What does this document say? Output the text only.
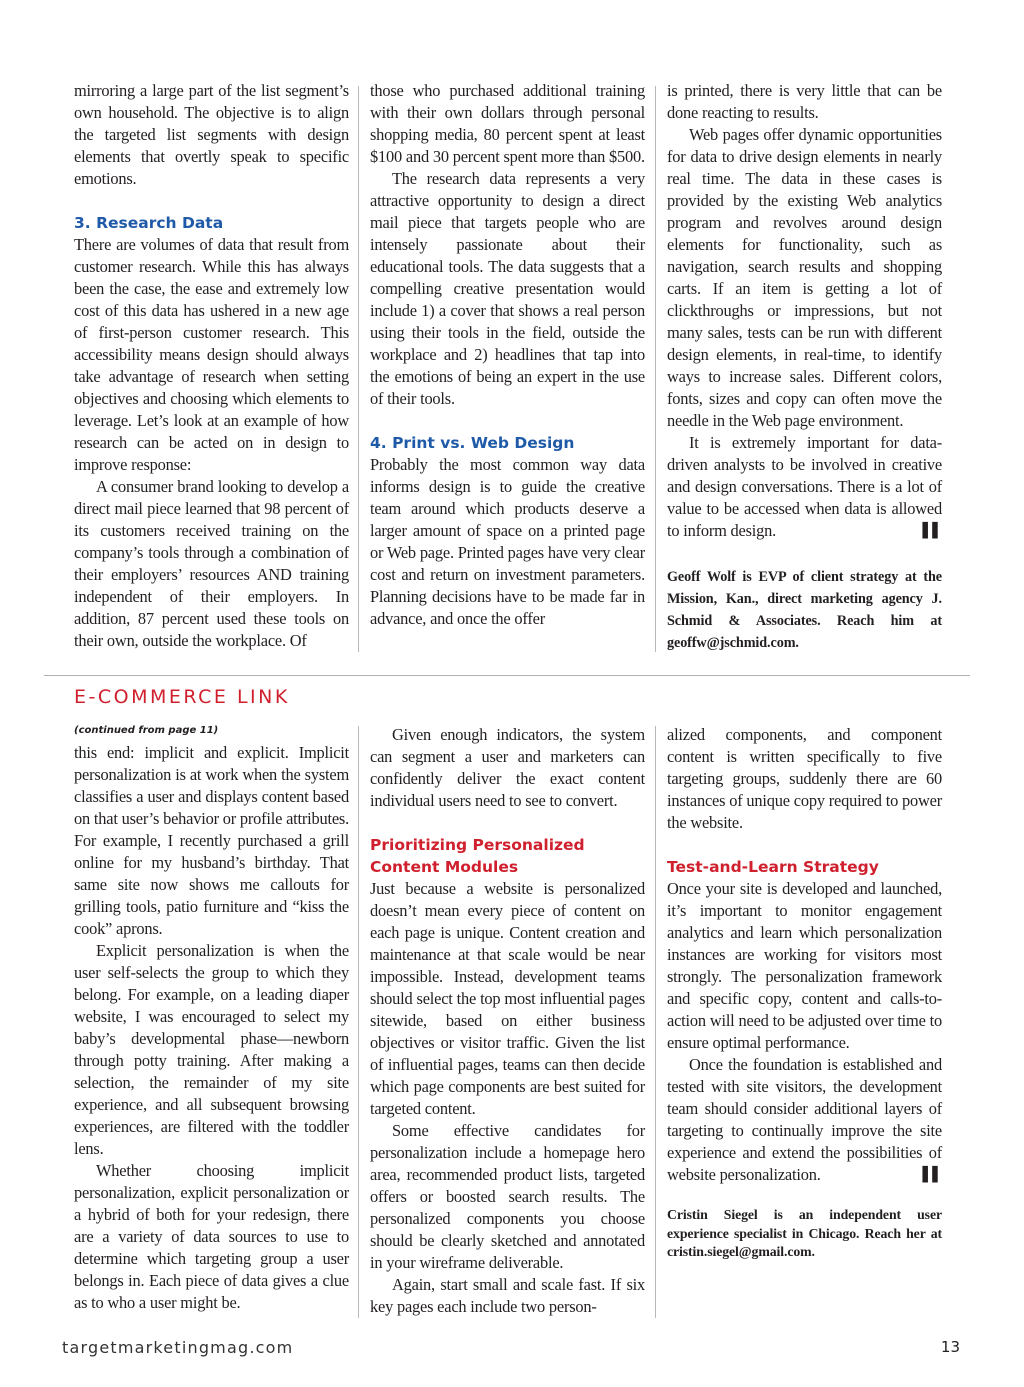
mirroring a large part of the list segment’s own household. The objective is to align the targeted list segments with design elements that overtly speak to specific emotions.

3. Research Data

There are volumes of data that result from customer research. While this has always been the case, the ease and extremely low cost of this data has ushered in a new age of first-person customer research. This accessibility means design should always take advantage of research when setting objectives and choosing which elements to leverage. Let’s look at an example of how research can be acted on in design to improve response:

A consumer brand looking to develop a direct mail piece learned that 98 percent of its customers received training on the company’s tools through a combination of their employers’ resources AND training independent of their employers. In addition, 87 percent used these tools on their own, outside the workplace. Of

those who purchased additional training with their own dollars through personal shopping media, 80 percent spent at least $100 and 30 percent spent more than $500.

The research data represents a very attractive opportunity to design a direct mail piece that targets people who are intensely passionate about their educational tools. The data suggests that a compelling creative presentation would include 1) a cover that shows a real person using their tools in the field, outside the workplace and 2) headlines that tap into the emotions of being an expert in the use of their tools.

4. Print vs. Web Design

Probably the most common way data informs design is to guide the creative team around which products deserve a larger amount of space on a printed page or Web page. Printed pages have very clear cost and return on investment parameters. Planning decisions have to be made far in advance, and once the offer

is printed, there is very little that can be done reacting to results.

Web pages offer dynamic opportunities for data to drive design elements in nearly real time. The data in these cases is provided by the existing Web analytics program and revolves around design elements for functionality, such as navigation, search results and shopping carts. If an item is getting a lot of clickthroughs or impressions, but not many sales, tests can be run with different design elements, in real-time, to identify ways to increase sales. Different colors, fonts, sizes and copy can often move the needle in the Web page environment.

It is extremely important for data-driven analysts to be involved in creative and design conversations. There is a lot of value to be accessed when data is allowed to inform design.	▌▌

Geoff Wolf is EVP of client strategy at the Mission, Kan., direct marketing agency J. Schmid & Associates. Reach him at geoffw@jschmid.com.

E-COMMERCE LINK

(continued from page 11)

this end: implicit and explicit. Implicit personalization is at work when the system classifies a user and displays content based on that user’s behavior or profile attributes. For example, I recently purchased a grill online for my husband’s birthday. That same site now shows me callouts for grilling tools, patio furniture and “kiss the cook” aprons.

Explicit personalization is when the user self-selects the group to which they belong. For example, on a leading diaper website, I was encouraged to select my baby’s developmental phase—newborn through potty training. After making a selection, the remainder of my site experience, and all subsequent browsing experiences, are filtered with the toddler lens.

Whether choosing implicit personalization, explicit personalization or a hybrid of both for your redesign, there are a variety of data sources to use to determine which targeting group a user belongs in. Each piece of data gives a clue as to who a user might be.

Given enough indicators, the system can segment a user and marketers can confidently deliver the exact content individual users need to see to convert.

Prioritizing Personalized Content Modules

Just because a website is personalized doesn’t mean every piece of content on each page is unique. Content creation and maintenance at that scale would be near impossible. Instead, development teams should select the top most influential pages sitewide, based on either business objectives or visitor traffic. Given the list of influential pages, teams can then decide which page components are best suited for targeted content.

Some effective candidates for personalization include a homepage hero area, recommended product lists, targeted offers or boosted search results. The personalized components you choose should be clearly sketched and annotated in your wireframe deliverable.

Again, start small and scale fast. If six key pages each include two person-

alized components, and component content is written specifically to five targeting groups, suddenly there are 60 instances of unique copy required to power the website.

Test-and-Learn Strategy

Once your site is developed and launched, it’s important to monitor engagement analytics and learn which personalization instances are working for visitors most strongly. The personalization framework and specific copy, content and calls-to-action will need to be adjusted over time to ensure optimal performance.

Once the foundation is established and tested with site visitors, the development team should consider additional layers of targeting to continually improve the site experience and extend the possibilities of website personalization.	▌▌

Cristin Siegel is an independent user experience specialist in Chicago. Reach her at cristin.siegel@gmail.com.

targetmarketingmag.com	13
